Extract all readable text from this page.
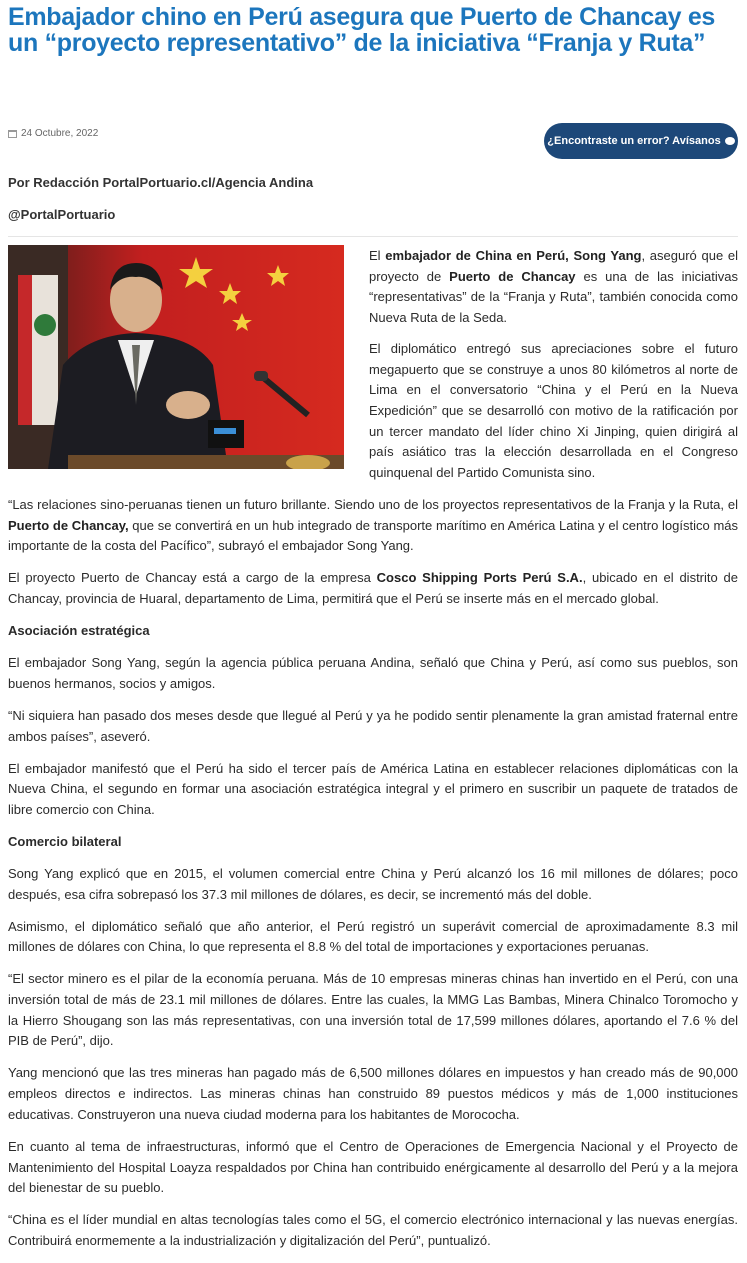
Embajador chino en Perú asegura que Puerto de Chancay es un “proyecto representativo” de la iniciativa “Franja y Ruta”
24 Octubre, 2022
¿Encontraste un error? Avísanos
Por Redacción PortalPortuario.cl/Agencia Andina
@PortalPortuario

El embajador de China en Perú, Song Yang, aseguró que el proyecto de Puerto de Chancay es una de las iniciativas “representativas” de la “Franja y Ruta”, también conocida como Nueva Ruta de la Seda.

El diplomático entregó sus apreciaciones sobre el futuro megapuerto que se construye a unos 80 kilómetros al norte de Lima en el conversatorio “China y el Perú en la Nueva Expedición” que se desarrolló con motivo de la ratificación por un tercer mandato del líder chino Xi Jinping, quien dirigirá al país asiático tras la elección desarrollada en el Congreso quinquenal del Partido Comunista sino.

“Las relaciones sino-peruanas tienen un futuro brillante. Siendo uno de los proyectos representativos de la Franja y la Ruta, el Puerto de Chancay, que se convertirá en un hub integrado de transporte marítimo en América Latina y el centro logístico más importante de la costa del Pacífico”, subrayó el embajador Song Yang.

El proyecto Puerto de Chancay está a cargo de la empresa Cosco Shipping Ports Perú S.A., ubicado en el distrito de Chancay, provincia de Huaral, departamento de Lima, permitirá que el Perú se inserte más en el mercado global.

Asociación estratégica

El embajador Song Yang, según la agencia pública peruana Andina, señaló que China y Perú, así como sus pueblos, son buenos hermanos, socios y amigos.

“Ni siquiera han pasado dos meses desde que llegué al Perú y ya he podido sentir plenamente la gran amistad fraternal entre ambos países”, aseveró.

El embajador manifestó que el Perú ha sido el tercer país de América Latina en establecer relaciones diplomáticas con la Nueva China, el segundo en formar una asociación estratégica integral y el primero en suscribir un paquete de tratados de libre comercio con China.

Comercio bilateral

Song Yang explicó que en 2015, el volumen comercial entre China y Perú alcanzó los 16 mil millones de dólares; poco después, esa cifra sobrepasó los 37.3 mil millones de dólares, es decir, se incrementó más del doble.

Asimismo, el diplomático señaló que año anterior, el Perú registró un superávit comercial de aproximadamente 8.3 mil millones de dólares con China, lo que representa el 8.8 % del total de importaciones y exportaciones peruanas.

“El sector minero es el pilar de la economía peruana. Más de 10 empresas mineras chinas han invertido en el Perú, con una inversión total de más de 23.1 mil millones de dólares. Entre las cuales, la MMG Las Bambas, Minera Chinalco Toromocho y la Hierro Shougang son las más representativas, con una inversión total de 17,599 millones dólares, aportando el 7.6 % del PIB de Perú”, dijo.

Yang mencionó que las tres mineras han pagado más de 6,500 millones dólares en impuestos y han creado más de 90,000 empleos directos e indirectos. Las mineras chinas han construido 89 puestos médicos y más de 1,000 instituciones educativas. Construyeron una nueva ciudad moderna para los habitantes de Morococha.

En cuanto al tema de infraestructuras, informó que el Centro de Operaciones de Emergencia Nacional y el Proyecto de Mantenimiento del Hospital Loayza respaldados por China han contribuido enérgicamente al desarrollo del Perú y a la mejora del bienestar de su pueblo.

“China es el líder mundial en altas tecnologías tales como el 5G, el comercio electrónico internacional y las nuevas energías. Contribuirá enormemente a la industrialización y digitalización del Perú”, puntualizó.
